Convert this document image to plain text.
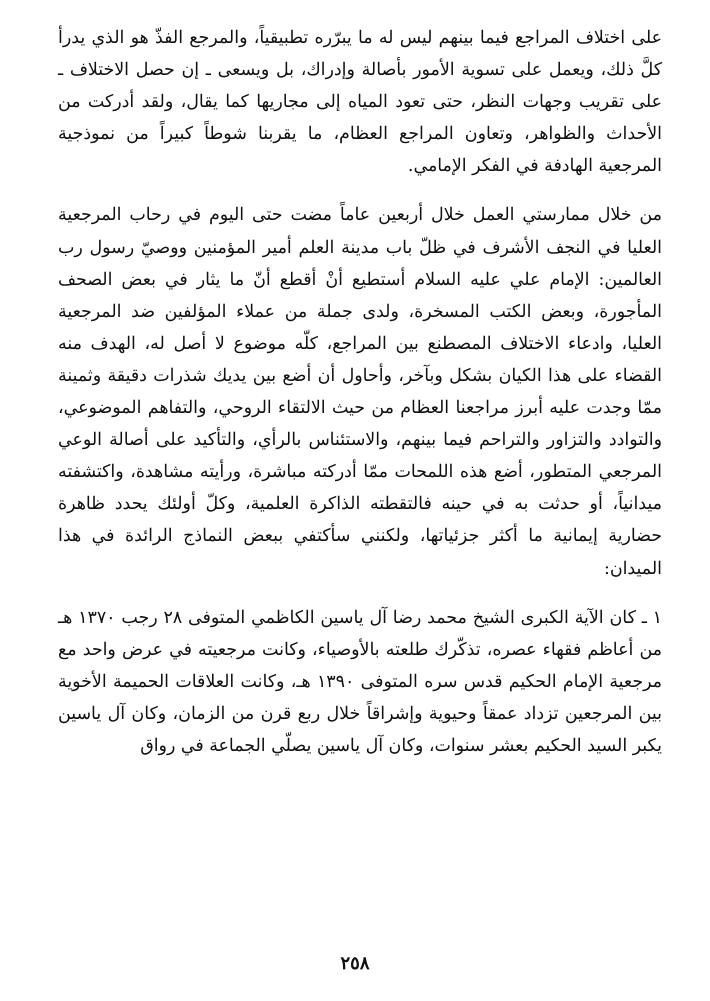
على اختلاف المراجع فيما بينهم ليس له ما يبرّره تطبيقياً، والمرجع الفذّ هو الذي يدرأ كلَّ ذلك، ويعمل على تسوية الأمور بأصالة وإدراك، بل ويسعى ـ إن حصل الاختلاف ـ على تقريب وجهات النظر، حتى تعود المياه إلى مجاريها كما يقال، ولقد أدركت من الأحداث والظواهر، وتعاون المراجع العظام، ما يقربنا شوطاً كبيراً من نموذجية المرجعية الهادفة في الفكر الإمامي.

من خلال ممارستي العمل خلال أربعين عاماً مضت حتى اليوم في رحاب المرجعية العليا في النجف الأشرف في ظلّ باب مدينة العلم أمير المؤمنين ووصيّ رسول رب العالمين: الإمام علي عليه السلام أستطيع أنْ أقطع أنّ ما يثار في بعض الصحف المأجورة، وبعض الكتب المسخرة، ولدى جملة من عملاء المؤلفين ضد المرجعية العليا، وادعاء الاختلاف المصطنع بين المراجع، كلّه موضوع لا أصل له، الهدف منه القضاء على هذا الكيان بشكل وبآخر، وأحاول أن أضع بين يديك شذرات دقيقة وثمينة ممّا وجدت عليه أبرز مراجعنا العظام من حيث الالتقاء الروحي، والتفاهم الموضوعي، والتوادد والتزاور والتراحم فيما بينهم، والاستئناس بالرأي، والتأكيد على أصالة الوعي المرجعي المتطور، أضع هذه اللمحات ممّا أدركته مباشرة، ورأيته مشاهدة، واكتشفته ميدانياً، أو حدثت به في حينه فالتقطته الذاكرة العلمية، وكلّ أولئك يحدد ظاهرة حضارية إيمانية ما أكثر جزئياتها، ولكنني سأكتفي ببعض النماذج الرائدة في هذا الميدان:

١ ـ كان الآية الكبرى الشيخ محمد رضا آل ياسين الكاظمي المتوفى ٢٨ رجب ١٣٧٠ هـ من أعاظم فقهاء عصره، تذكّرك طلعته بالأوصياء، وكانت مرجعيته في عرض واحد مع مرجعية الإمام الحكيم قدس سره المتوفى ١٣٩٠ هـ، وكانت العلاقات الحميمة الأخوية بين المرجعين تزداد عمقاً وحيوية وإشراقاً خلال ربع قرن من الزمان، وكان آل ياسين يكبر السيد الحكيم بعشر سنوات، وكان آل ياسين يصلّي الجماعة في رواق

٢٥٨
